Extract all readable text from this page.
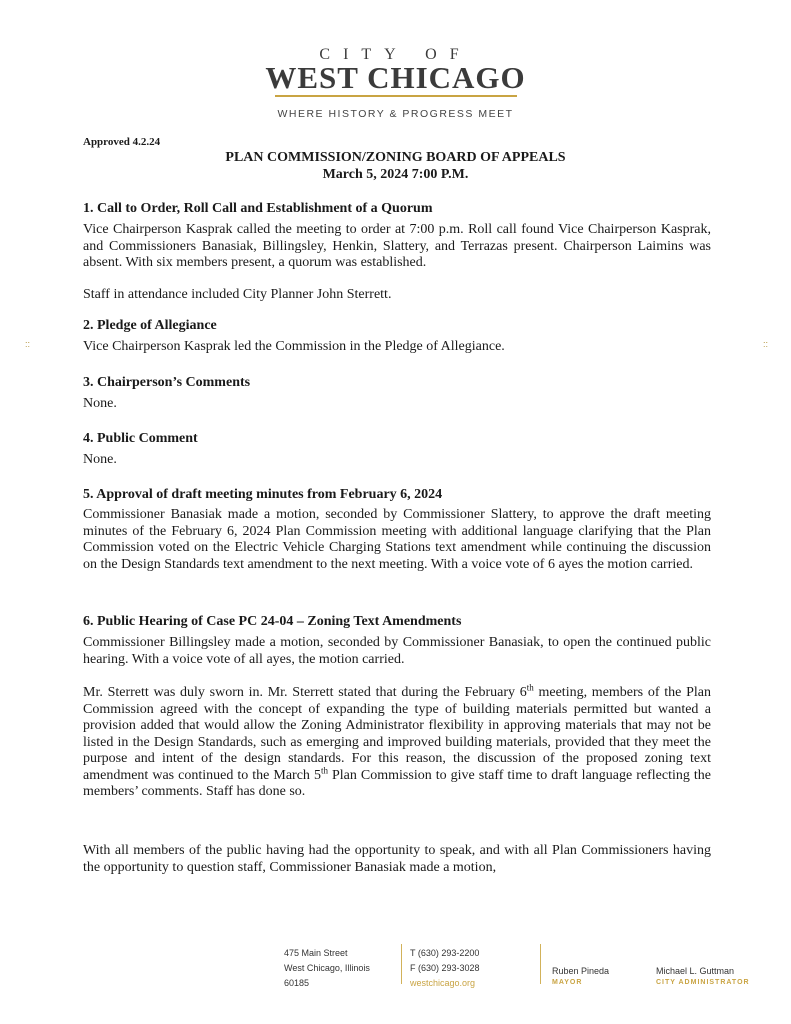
CITY OF
WEST CHICAGO
WHERE HISTORY & PROGRESS MEET
Approved 4.2.24
PLAN COMMISSION/ZONING BOARD OF APPEALS
March 5, 2024 7:00 P.M.
1. Call to Order, Roll Call and Establishment of a Quorum
Vice Chairperson Kasprak called the meeting to order at 7:00 p.m. Roll call found Vice Chairperson Kasprak, and Commissioners Banasiak, Billingsley, Henkin, Slattery, and Terrazas present. Chairperson Laimins was absent. With six members present, a quorum was established.
Staff in attendance included City Planner John Sterrett.
2. Pledge of Allegiance
Vice Chairperson Kasprak led the Commission in the Pledge of Allegiance.
::	::
3. Chairperson’s Comments
None.
4. Public Comment
None.
5. Approval of draft meeting minutes from February 6, 2024
Commissioner Banasiak made a motion, seconded by Commissioner Slattery, to approve the draft meeting minutes of the February 6, 2024 Plan Commission meeting with additional language clarifying that the Plan Commission voted on the Electric Vehicle Charging Stations text amendment while continuing the discussion on the Design Standards text amendment to the next meeting. With a voice vote of 6 ayes the motion carried.
6. Public Hearing of Case PC 24-04 – Zoning Text Amendments
Commissioner Billingsley made a motion, seconded by Commissioner Banasiak, to open the continued public hearing. With a voice vote of all ayes, the motion carried.
Mr. Sterrett was duly sworn in. Mr. Sterrett stated that during the February 6th meeting, members of the Plan Commission agreed with the concept of expanding the type of building materials permitted but wanted a provision added that would allow the Zoning Administrator flexibility in approving materials that may not be listed in the Design Standards, such as emerging and improved building materials, provided that they meet the purpose and intent of the design standards. For this reason, the discussion of the proposed zoning text amendment was continued to the March 5th Plan Commission to give staff time to draft language reflecting the members’ comments. Staff has done so.
With all members of the public having had the opportunity to speak, and with all Plan Commissioners having the opportunity to question staff, Commissioner Banasiak made a motion,
475 Main Street
West Chicago, Illinois
60185
T (630) 293-2200
F (630) 293-3028
westchicago.org
Ruben Pineda
MAYOR
Michael L. Guttman
CITY ADMINISTRATOR
